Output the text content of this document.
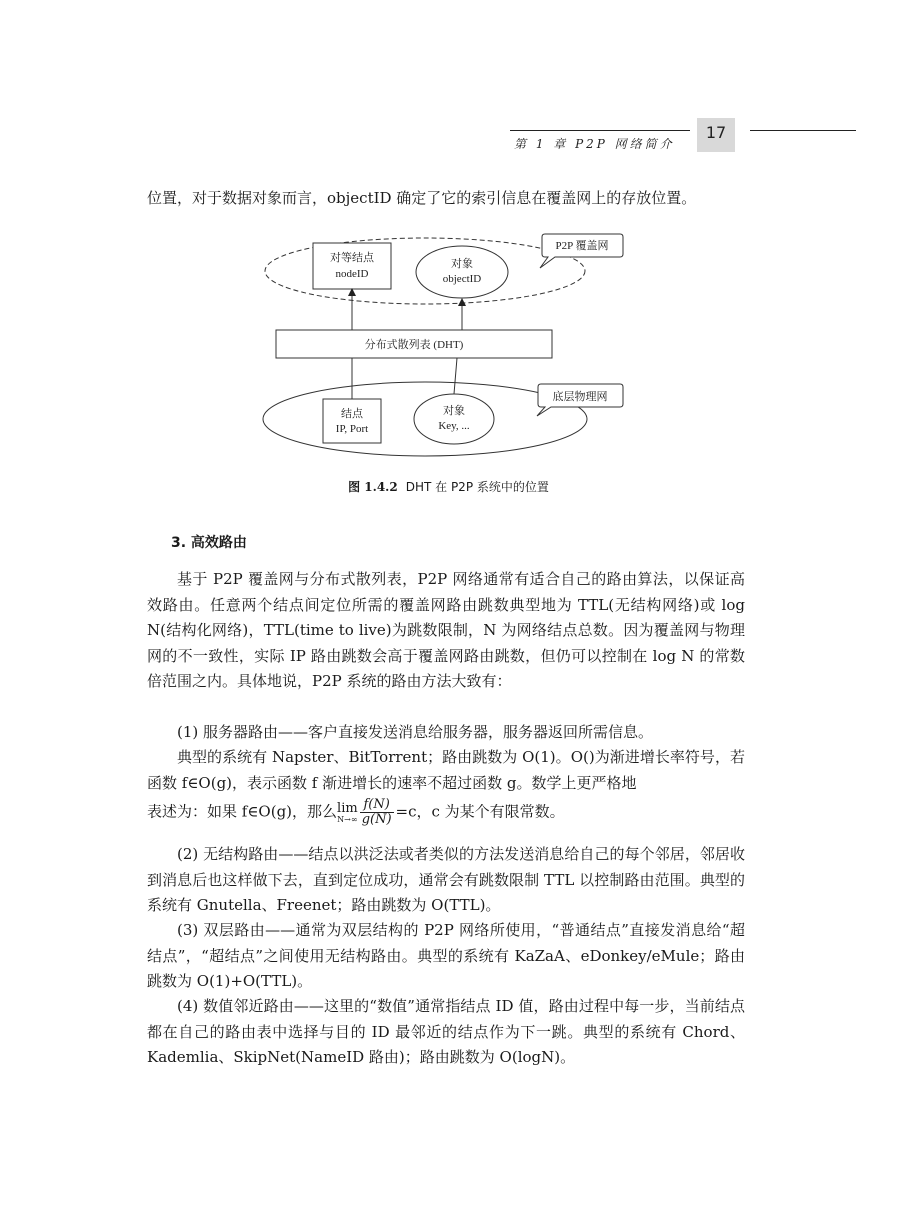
第 1 章 P2P 网络简介
17

位置，对于数据对象而言，objectID 确定了它的索引信息在覆盖网上的存放位置。

P2P 覆盖网
对等结点
nodeID
对象
objectID
分布式散列表 (DHT)
底层物理网
结点
IP, Port
对象
Key, ...
图 1.4.2 DHT 在 P2P 系统中的位置
3. 高效路由

基于 P2P 覆盖网与分布式散列表，P2P 网络通常有适合自己的路由算法，以保证高效路由。任意两个结点间定位所需的覆盖网路由跳数典型地为 TTL(无结构网络)或 log N(结构化网络)，TTL(time to live)为跳数限制，N 为网络结点总数。因为覆盖网与物理网的不一致性，实际 IP 路由跳数会高于覆盖网路由跳数，但仍可以控制在 log N 的常数倍范围之内。具体地说，P2P 系统的路由方法大致有：

(1) 服务器路由——客户直接发送消息给服务器，服务器返回所需信息。

典型的系统有 Napster、BitTorrent；路由跳数为 O(1)。O()为渐进增长率符号，若函数 f∈O(g)，表示函数 f 渐进增长的速率不超过函数 g。数学上更严格地

表述为：如果 f∈O(g)，那么lim
$N\to\infty \frac{f(N)}{g(N)} =c$，c 为某个有限常数。

(2) 无结构路由——结点以洪泛法或者类似的方法发送消息给自己的每个邻居，邻居收到消息后也这样做下去，直到定位成功，通常会有跳数限制 TTL 以控制路由范围。典型的系统有 Gnutella、Freenet；路由跳数为 O(TTL)。

(3) 双层路由——通常为双层结构的 P2P 网络所使用，“普通结点”直接发消息给“超结点”，“超结点”之间使用无结构路由。典型的系统有 KaZaA、eDonkey/eMule；路由跳数为 O(1)+O(TTL)。

(4) 数值邻近路由——这里的“数值”通常指结点 ID 值，路由过程中每一步，当前结点都在自己的路由表中选择与目的 ID 最邻近的结点作为下一跳。典型的系统有 Chord、Kademlia、SkipNet(NameID 路由)；路由跳数为 O(logN)。
